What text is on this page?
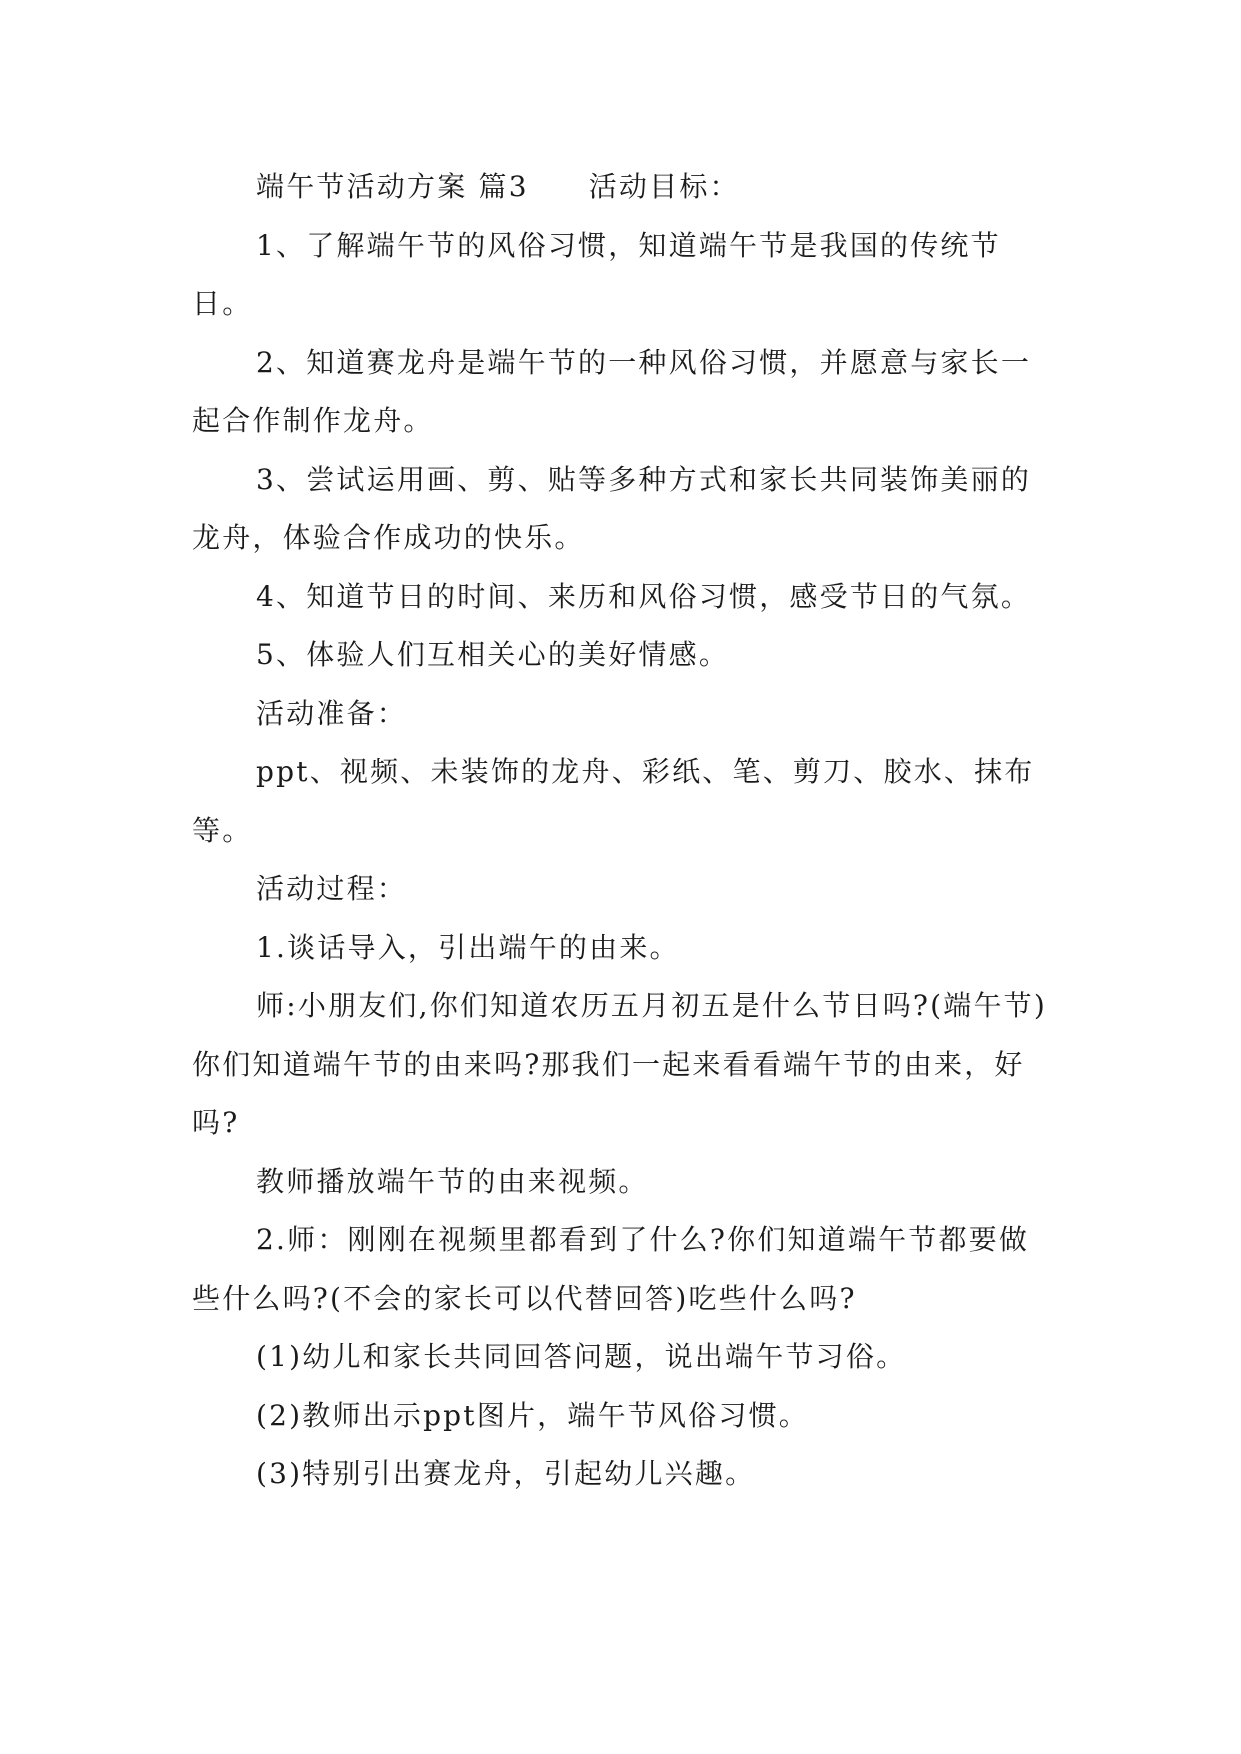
端午节活动方案 篇3 活动目标：

1、了解端午节的风俗习惯，知道端午节是我国的传统节日。

2、知道赛龙舟是端午节的一种风俗习惯，并愿意与家长一起合作制作龙舟。

3、尝试运用画、剪、贴等多种方式和家长共同装饰美丽的龙舟，体验合作成功的快乐。

4、知道节日的时间、来历和风俗习惯，感受节日的气氛。

5、体验人们互相关心的美好情感。

活动准备：

ppt、视频、未装饰的龙舟、彩纸、笔、剪刀、胶水、抹布等。

活动过程：

1.谈话导入，引出端午的由来。

师:小朋友们,你们知道农历五月初五是什么节日吗?(端午节)你们知道端午节的由来吗?那我们一起来看看端午节的由来，好吗?

教师播放端午节的由来视频。

2.师：刚刚在视频里都看到了什么?你们知道端午节都要做些什么吗?(不会的家长可以代替回答)吃些什么吗?

(1)幼儿和家长共同回答问题，说出端午节习俗。

(2)教师出示ppt图片，端午节风俗习惯。

(3)特别引出赛龙舟，引起幼儿兴趣。
